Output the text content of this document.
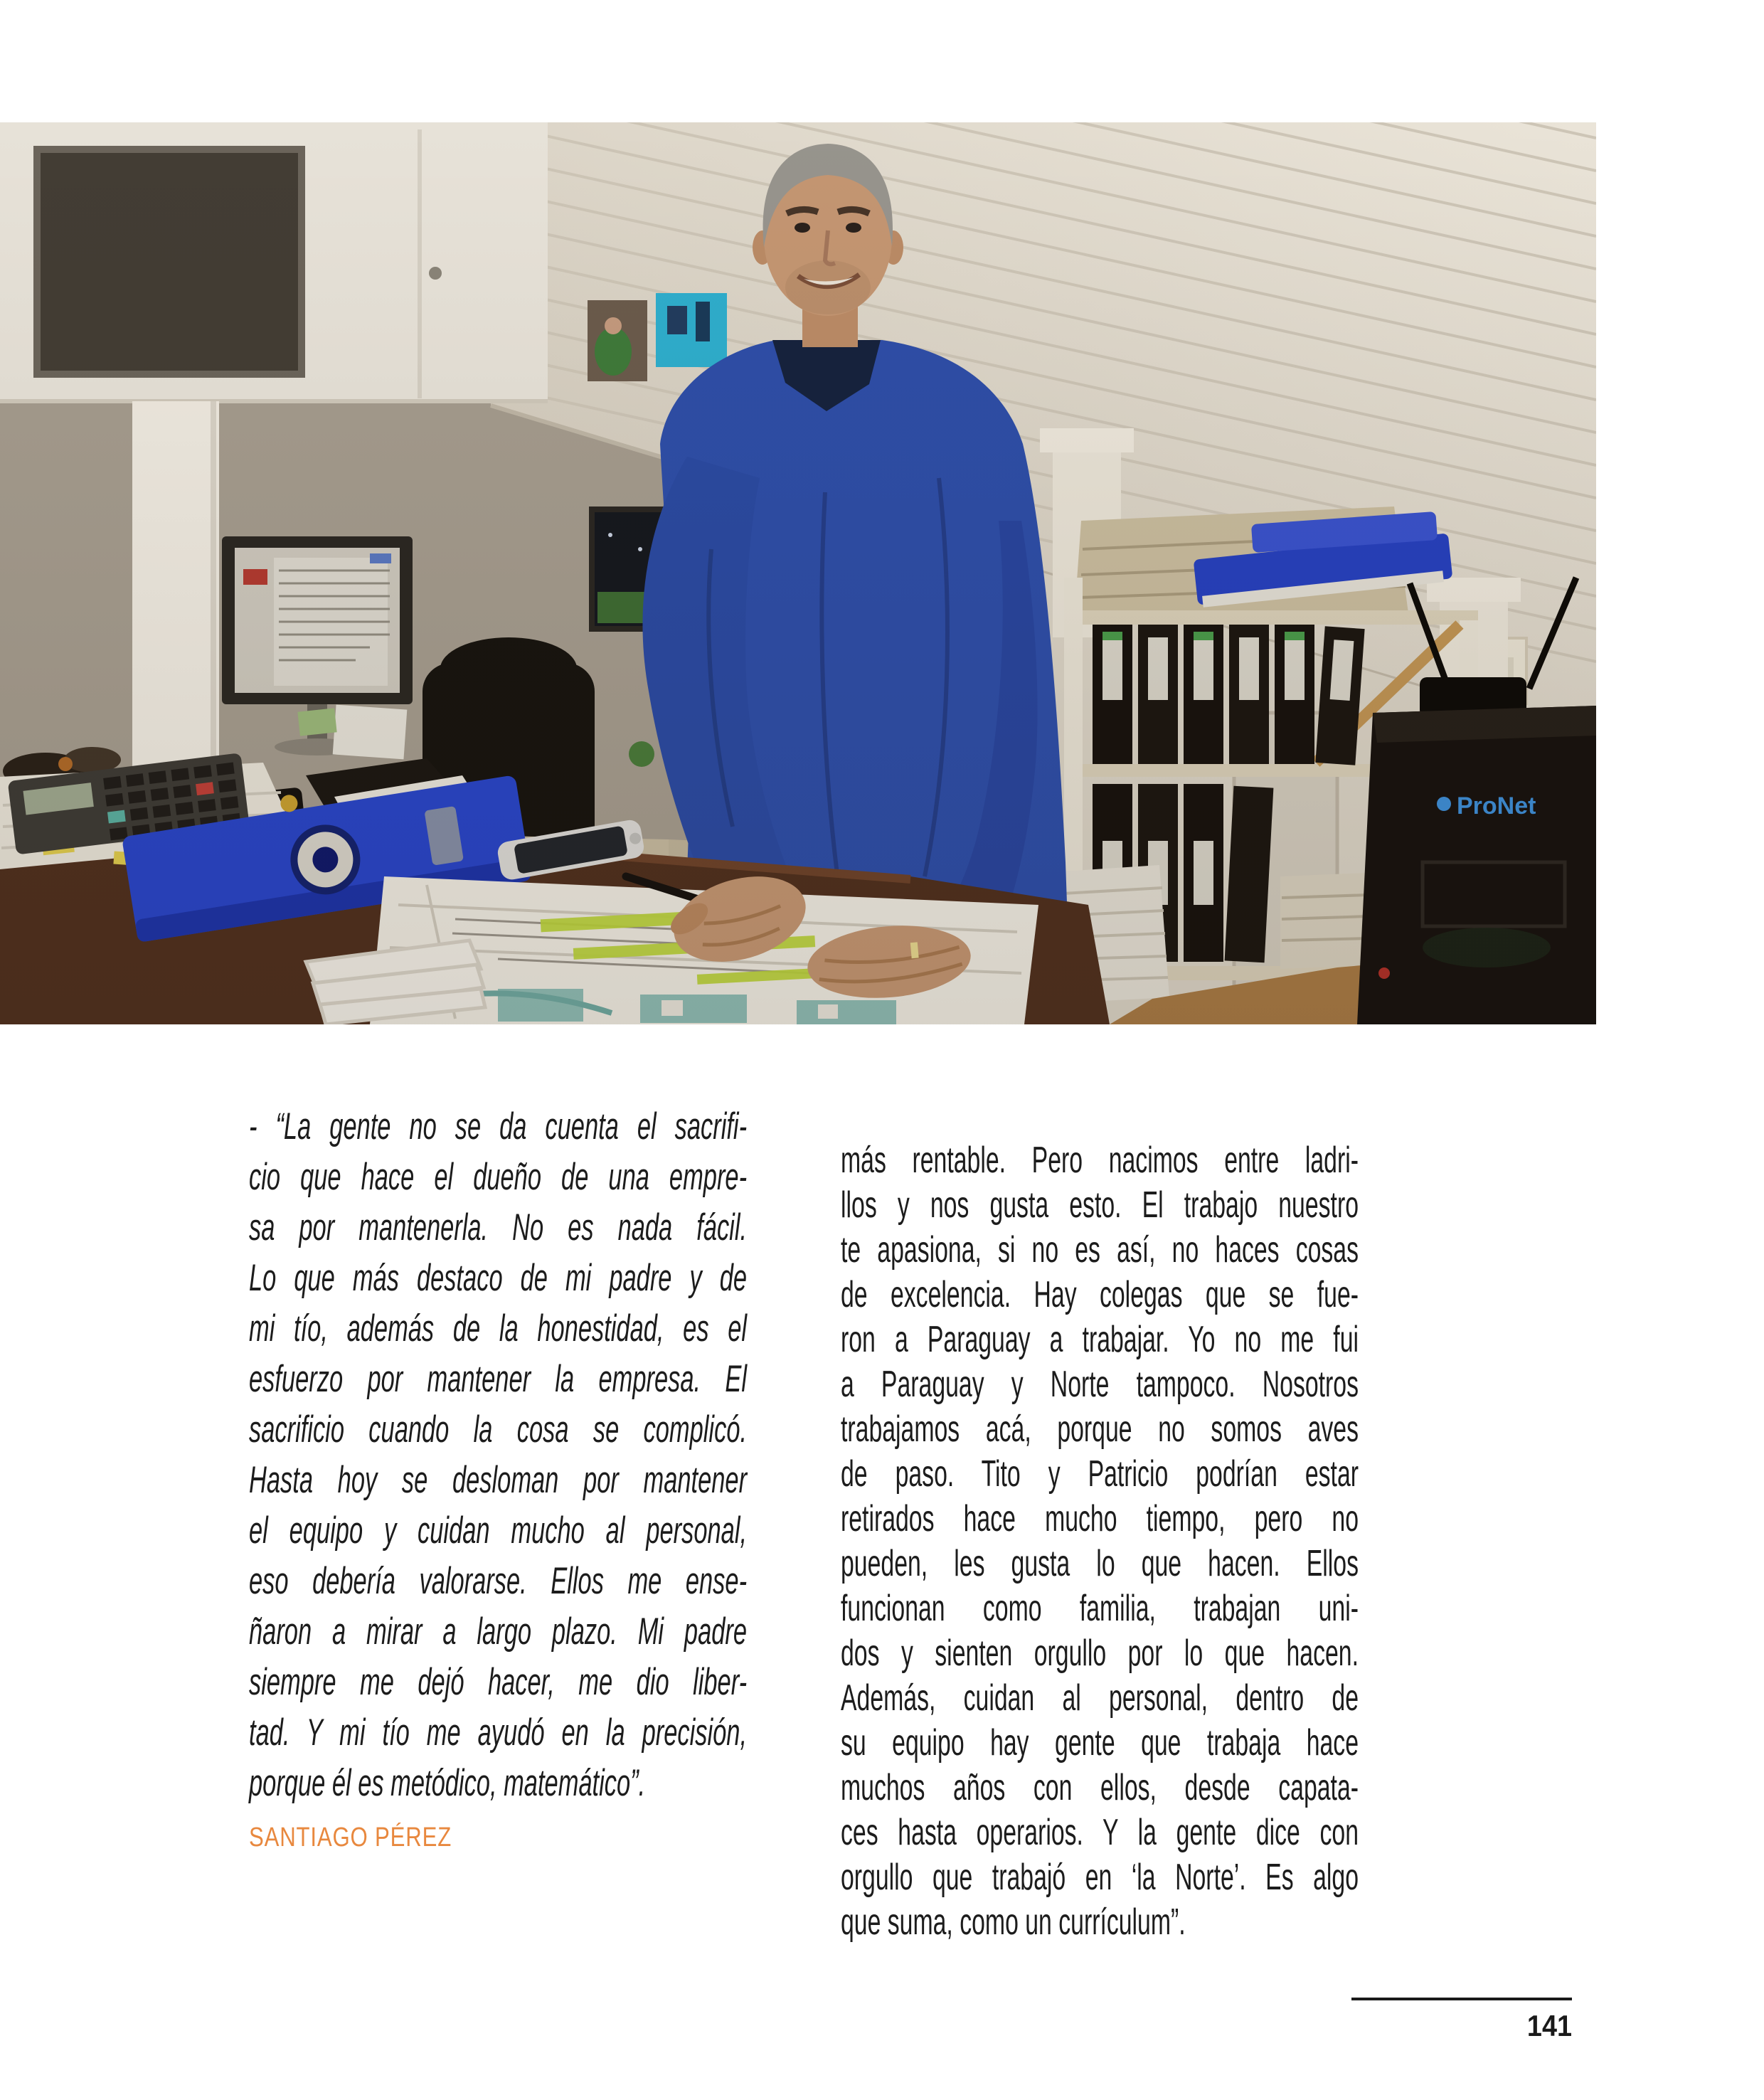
ProNet
- “La gente no se da cuenta el sacrifi-
cio que hace el dueño de una empre-
sa por mantenerla. No es nada fácil.
Lo que más destaco de mi padre y de
mi tío, además de la honestidad, es el
esfuerzo por mantener la empresa. El
sacrificio cuando la cosa se complicó.
Hasta hoy se desloman por mantener
el equipo y cuidan mucho al personal,
eso debería valorarse. Ellos me ense-
ñaron a mirar a largo plazo. Mi padre
siempre me dejó hacer, me dio liber-
tad. Y mi tío me ayudó en la precisión,
porque él es metódico, matemático”.
SANTIAGO PÉREZ
más rentable. Pero nacimos entre ladri-
llos y nos gusta esto. El trabajo nuestro
te apasiona, si no es así, no haces cosas
de excelencia. Hay colegas que se fue-
ron a Paraguay a trabajar. Yo no me fui
a Paraguay y Norte tampoco. Nosotros
trabajamos acá, porque no somos aves
de paso. Tito y Patricio podrían estar
retirados hace mucho tiempo, pero no
pueden, les gusta lo que hacen. Ellos
funcionan como familia, trabajan uni-
dos y sienten orgullo por lo que hacen.
Además, cuidan al personal, dentro de
su equipo hay gente que trabaja hace
muchos años con ellos, desde capata-
ces hasta operarios. Y la gente dice con
orgullo que trabajó en ‘la Norte’. Es algo
que suma, como un currículum”.
141
